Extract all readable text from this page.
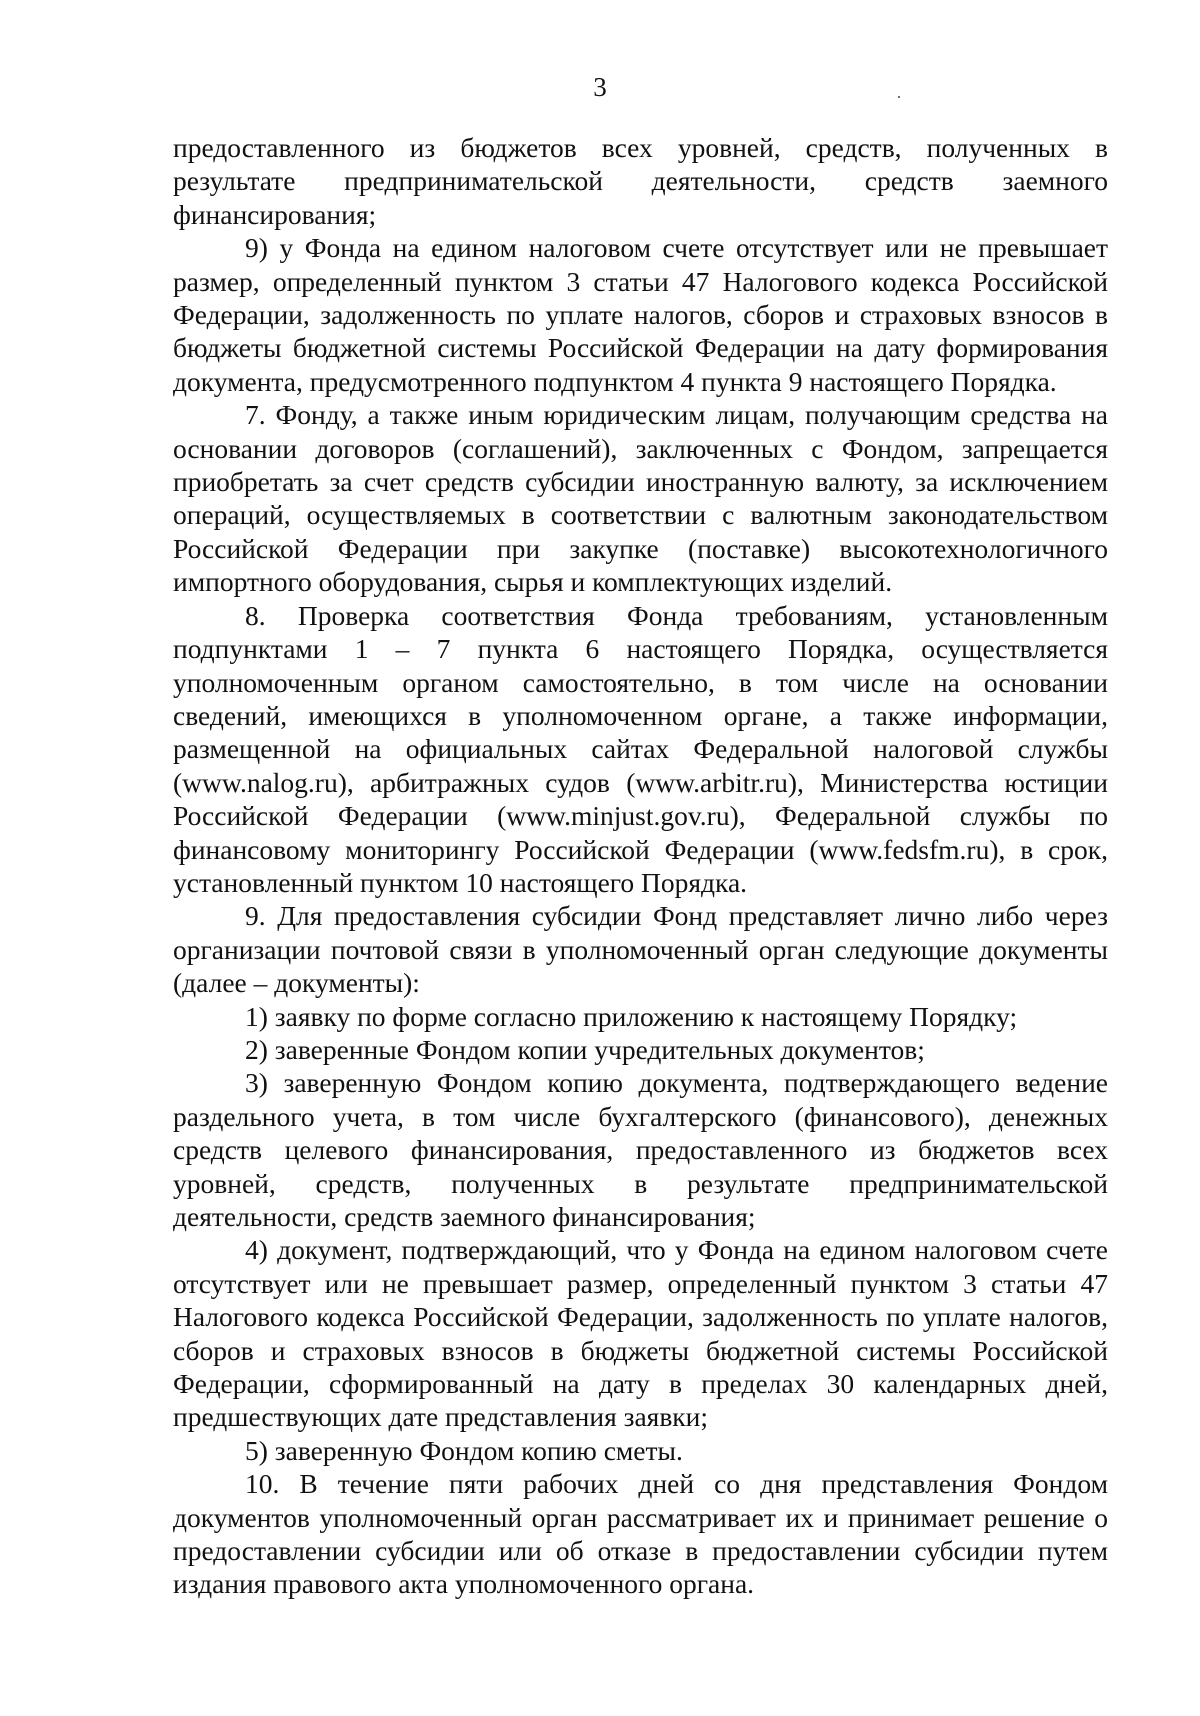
3

предоставленного из бюджетов всех уровней, средств, полученных в результате предпринимательской деятельности, средств заемного финансирования;

9) у Фонда на едином налоговом счете отсутствует или не превышает размер, определенный пунктом 3 статьи 47 Налогового кодекса Российской Федерации, задолженность по уплате налогов, сборов и страховых взносов в бюджеты бюджетной системы Российской Федерации на дату формирования документа, предусмотренного подпунктом 4 пункта 9 настоящего Порядка.

7. Фонду, а также иным юридическим лицам, получающим средства на основании договоров (соглашений), заключенных с Фондом, запрещается приобретать за счет средств субсидии иностранную валюту, за исключением операций, осуществляемых в соответствии с валютным законодательством Российской Федерации при закупке (поставке) высокотехнологичного импортного оборудования, сырья и комплектующих изделий.

8. Проверка соответствия Фонда требованиям, установленным подпунктами 1 – 7 пункта 6 настоящего Порядка, осуществляется уполномоченным органом самостоятельно, в том числе на основании сведений, имеющихся в уполномоченном органе, а также информации, размещенной на официальных сайтах Федеральной налоговой службы (www.nalog.ru), арбитражных судов (www.arbitr.ru), Министерства юстиции Российской Федерации (www.minjust.gov.ru), Федеральной службы по финансовому мониторингу Российской Федерации (www.fedsfm.ru), в срок, установленный пунктом 10 настоящего Порядка.

9. Для предоставления субсидии Фонд представляет лично либо через организации почтовой связи в уполномоченный орган следующие документы (далее – документы):

1) заявку по форме согласно приложению к настоящему Порядку;

2) заверенные Фондом копии учредительных документов;

3) заверенную Фондом копию документа, подтверждающего ведение раздельного учета, в том числе бухгалтерского (финансового), денежных средств целевого финансирования, предоставленного из бюджетов всех уровней, средств, полученных в результате предпринимательской деятельности, средств заемного финансирования;

4) документ, подтверждающий, что у Фонда на едином налоговом счете отсутствует или не превышает размер, определенный пунктом 3 статьи 47 Налогового кодекса Российской Федерации, задолженность по уплате налогов, сборов и страховых взносов в бюджеты бюджетной системы Российской Федерации, сформированный на дату в пределах 30 календарных дней, предшествующих дате представления заявки;

5) заверенную Фондом копию сметы.

10. В течение пяти рабочих дней со дня представления Фондом документов уполномоченный орган рассматривает их и принимает решение о предоставлении субсидии или об отказе в предоставлении субсидии путем издания правового акта уполномоченного органа.
